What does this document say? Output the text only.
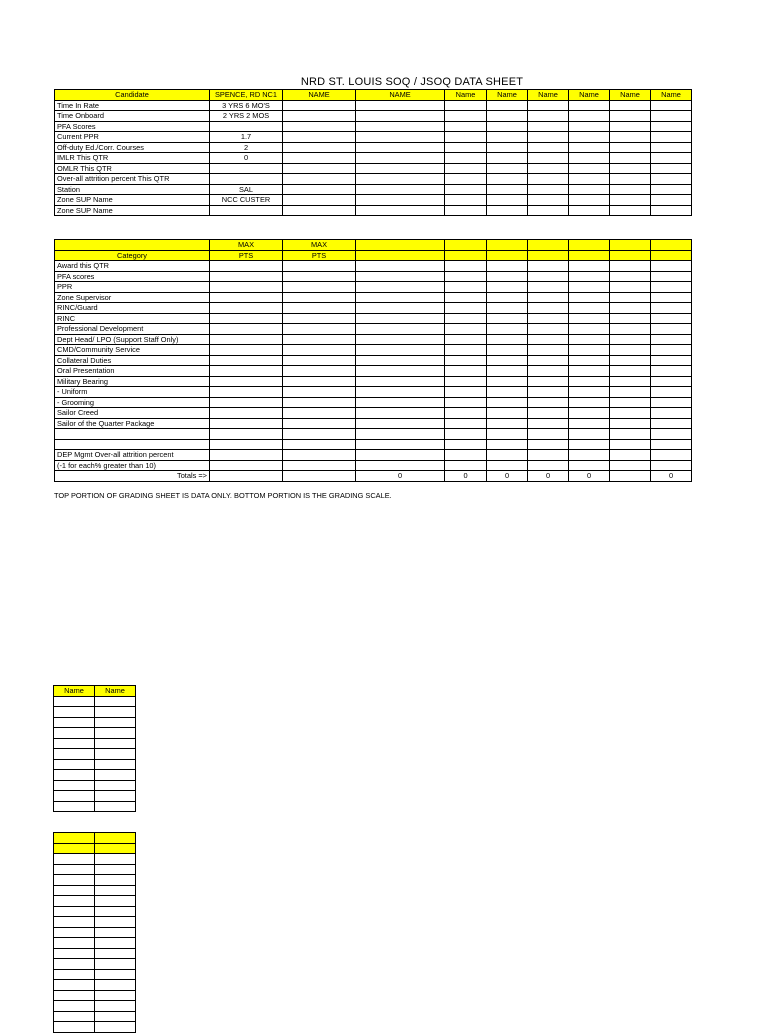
NRD ST. LOUIS SOQ / JSOQ DATA SHEET
Candidate	SPENCE, RD NC1	NAME	NAME	Name	Name	Name	Name	Name	Name
Time In Rate	3 YRS 6 MO'S								
Time Onboard	2 YRS 2 MOS								
PFA Scores									
Current PPR	1.7								
Off-duty Ed./Corr. Courses	2								
IMLR This QTR	0								
OMLR This QTR									
Over-all attrition percent This QTR									
Station	SAL								
Zone SUP Name	NCC CUSTER								
Zone SUP Name									
	MAX	MAX							
Category	PTS	PTS							
Award this QTR									
PFA scores									
PPR									
Zone Supervisor									
RINC/Guard									
RINC									
Professional Development									
Dept Head/ LPO (Support Staff Only)									
CMD/Community Service									
Collateral Duties									
Oral Presentation									
Military Bearing									
- Uniform									
- Grooming									
Sailor Creed									
Sailor of the Quarter Package									

DEP Mgmt Over-all attrition percent									
(-1 for each% greater than 10)									
Totals =>			0	0	0	0	0		0
TOP PORTION OF GRADING SHEET IS DATA ONLY. BOTTOM PORTION IS THE GRADING SCALE.
Name	Name
